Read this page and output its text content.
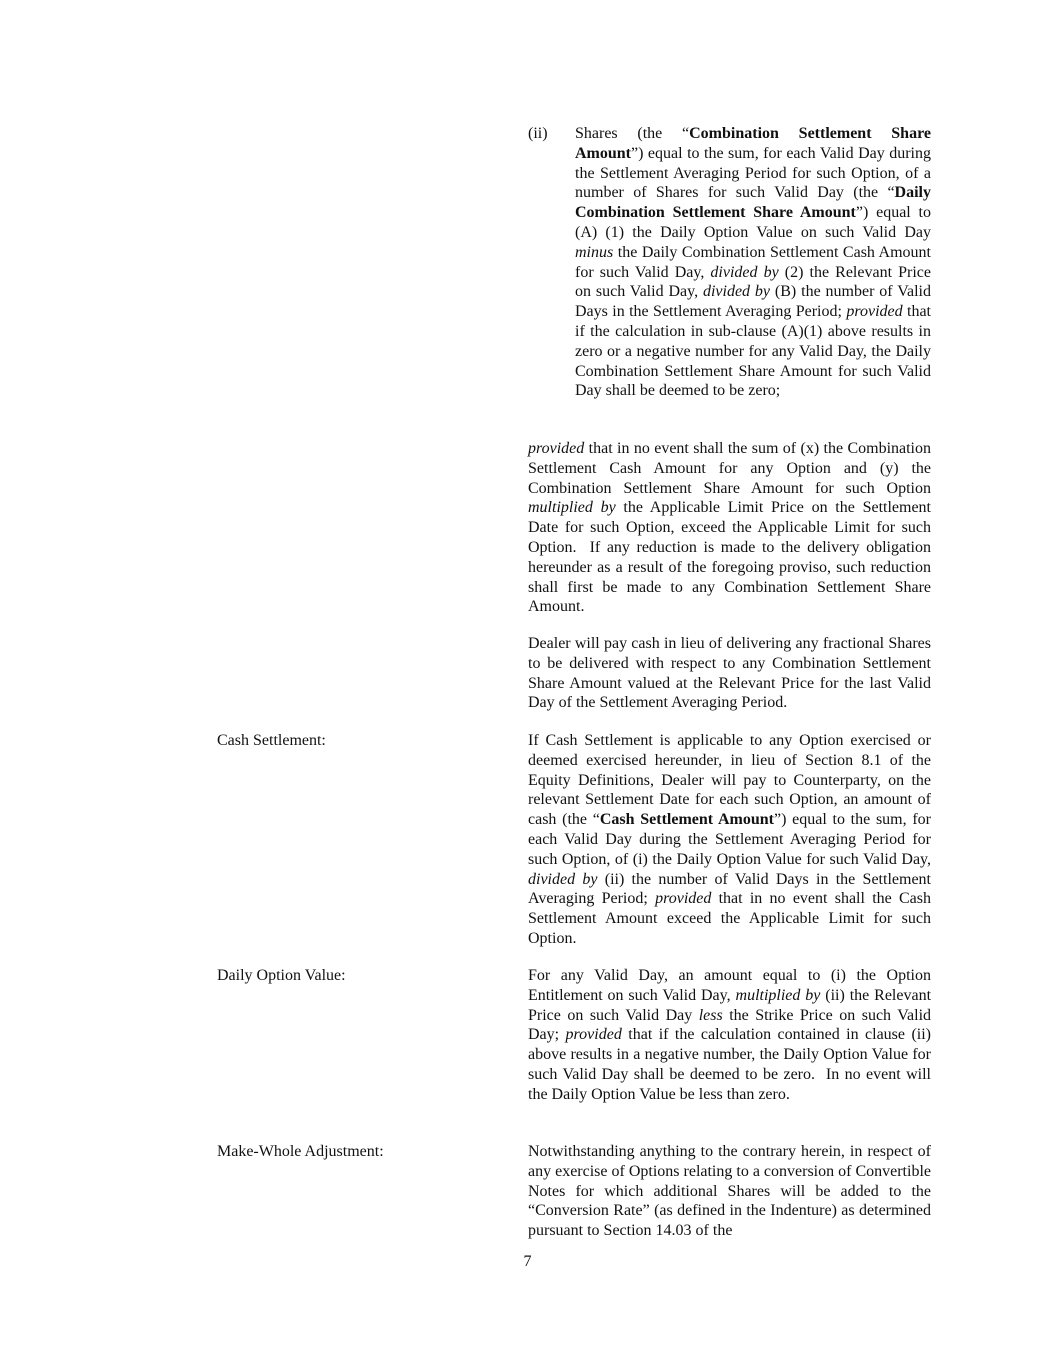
(ii) Shares (the “Combination Settlement Share Amount”) equal to the sum, for each Valid Day during the Settlement Averaging Period for such Option, of a number of Shares for such Valid Day (the “Daily Combination Settlement Share Amount”) equal to (A) (1) the Daily Option Value on such Valid Day minus the Daily Combination Settlement Cash Amount for such Valid Day, divided by (2) the Relevant Price on such Valid Day, divided by (B) the number of Valid Days in the Settlement Averaging Period; provided that if the calculation in sub-clause (A)(1) above results in zero or a negative number for any Valid Day, the Daily Combination Settlement Share Amount for such Valid Day shall be deemed to be zero;

provided that in no event shall the sum of (x) the Combination Settlement Cash Amount for any Option and (y) the Combination Settlement Share Amount for such Option multiplied by the Applicable Limit Price on the Settlement Date for such Option, exceed the Applicable Limit for such Option.  If any reduction is made to the delivery obligation hereunder as a result of the foregoing proviso, such reduction shall first be made to any Combination Settlement Share Amount.

Dealer will pay cash in lieu of delivering any fractional Shares to be delivered with respect to any Combination Settlement Share Amount valued at the Relevant Price for the last Valid Day of the Settlement Averaging Period.

Cash Settlement:	If Cash Settlement is applicable to any Option exercised or deemed exercised hereunder, in lieu of Section 8.1 of the Equity Definitions, Dealer will pay to Counterparty, on the relevant Settlement Date for each such Option, an amount of cash (the “Cash Settlement Amount”) equal to the sum, for each Valid Day during the Settlement Averaging Period for such Option, of (i) the Daily Option Value for such Valid Day, divided by (ii) the number of Valid Days in the Settlement Averaging Period; provided that in no event shall the Cash Settlement Amount exceed the Applicable Limit for such Option.

Daily Option Value:	For any Valid Day, an amount equal to (i) the Option Entitlement on such Valid Day, multiplied by (ii) the Relevant Price on such Valid Day less the Strike Price on such Valid Day; provided that if the calculation contained in clause (ii) above results in a negative number, the Daily Option Value for such Valid Day shall be deemed to be zero.  In no event will the Daily Option Value be less than zero.

Make-Whole Adjustment:	Notwithstanding anything to the contrary herein, in respect of any exercise of Options relating to a conversion of Convertible Notes for which additional Shares will be added to the “Conversion Rate” (as defined in the Indenture) as determined pursuant to Section 14.03 of the

7
